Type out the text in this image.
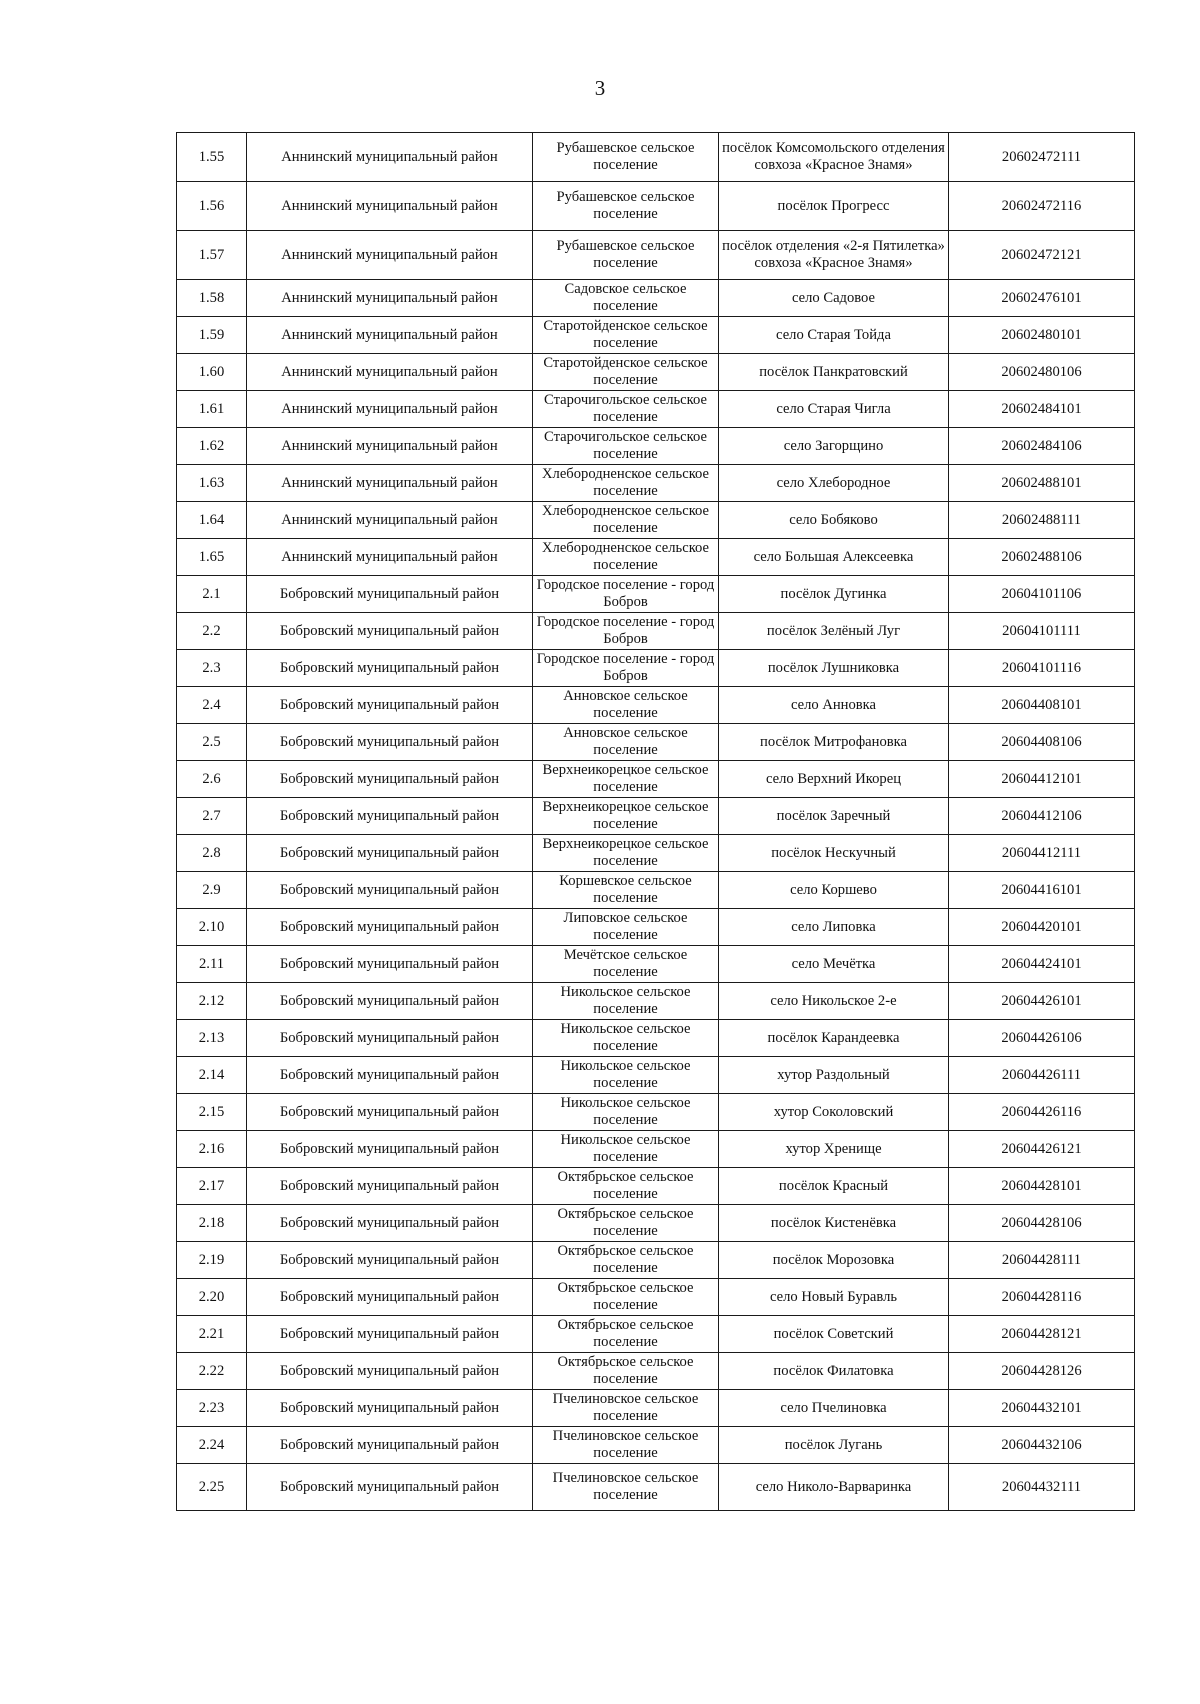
3
1.55	Аннинский муниципальный район	Рубашевское сельское поселение	посёлок Комсомольского отделения совхоза «Красное Знамя»	20602472111
1.56	Аннинский муниципальный район	Рубашевское сельское поселение	посёлок Прогресс	20602472116
1.57	Аннинский муниципальный район	Рубашевское сельское поселение	посёлок отделения «2-я Пятилетка» совхоза «Красное Знамя»	20602472121
1.58	Аннинский муниципальный район	Садовское сельское поселение	село Садовое	20602476101
1.59	Аннинский муниципальный район	Старотойденское сельское поселение	село Старая Тойда	20602480101
1.60	Аннинский муниципальный район	Старотойденское сельское поселение	посёлок Панкратовский	20602480106
1.61	Аннинский муниципальный район	Старочигольское сельское поселение	село Старая Чигла	20602484101
1.62	Аннинский муниципальный район	Старочигольское сельское поселение	село Загорщино	20602484106
1.63	Аннинский муниципальный район	Хлебородненское сельское поселение	село Хлебородное	20602488101
1.64	Аннинский муниципальный район	Хлебородненское сельское поселение	село Бобяково	20602488111
1.65	Аннинский муниципальный район	Хлебородненское сельское поселение	село Большая Алексеевка	20602488106
2.1	Бобровский муниципальный район	Городское поселение - город Бобров	посёлок Дугинка	20604101106
2.2	Бобровский муниципальный район	Городское поселение - город Бобров	посёлок Зелёный Луг	20604101111
2.3	Бобровский муниципальный район	Городское поселение - город Бобров	посёлок Лушниковка	20604101116
2.4	Бобровский муниципальный район	Анновское сельское поселение	село Анновка	20604408101
2.5	Бобровский муниципальный район	Анновское сельское поселение	посёлок Митрофановка	20604408106
2.6	Бобровский муниципальный район	Верхнеикорецкое сельское поселение	село Верхний Икорец	20604412101
2.7	Бобровский муниципальный район	Верхнеикорецкое сельское поселение	посёлок Заречный	20604412106
2.8	Бобровский муниципальный район	Верхнеикорецкое сельское поселение	посёлок Нескучный	20604412111
2.9	Бобровский муниципальный район	Коршевское сельское поселение	село Коршево	20604416101
2.10	Бобровский муниципальный район	Липовское сельское поселение	село Липовка	20604420101
2.11	Бобровский муниципальный район	Мечётское сельское поселение	село Мечётка	20604424101
2.12	Бобровский муниципальный район	Никольское сельское поселение	село Никольское 2-е	20604426101
2.13	Бобровский муниципальный район	Никольское сельское поселение	посёлок Карандеевка	20604426106
2.14	Бобровский муниципальный район	Никольское сельское поселение	хутор Раздольный	20604426111
2.15	Бобровский муниципальный район	Никольское сельское поселение	хутор Соколовский	20604426116
2.16	Бобровский муниципальный район	Никольское сельское поселение	хутор Хренище	20604426121
2.17	Бобровский муниципальный район	Октябрьское сельское поселение	посёлок Красный	20604428101
2.18	Бобровский муниципальный район	Октябрьское сельское поселение	посёлок Кистенёвка	20604428106
2.19	Бобровский муниципальный район	Октябрьское сельское поселение	посёлок Морозовка	20604428111
2.20	Бобровский муниципальный район	Октябрьское сельское поселение	село Новый Буравль	20604428116
2.21	Бобровский муниципальный район	Октябрьское сельское поселение	посёлок Советский	20604428121
2.22	Бобровский муниципальный район	Октябрьское сельское поселение	посёлок Филатовка	20604428126
2.23	Бобровский муниципальный район	Пчелиновское сельское поселение	село Пчелиновка	20604432101
2.24	Бобровский муниципальный район	Пчелиновское сельское поселение	посёлок Лугань	20604432106
2.25	Бобровский муниципальный район	Пчелиновское сельское поселение	село Николо-Варваринка	20604432111
